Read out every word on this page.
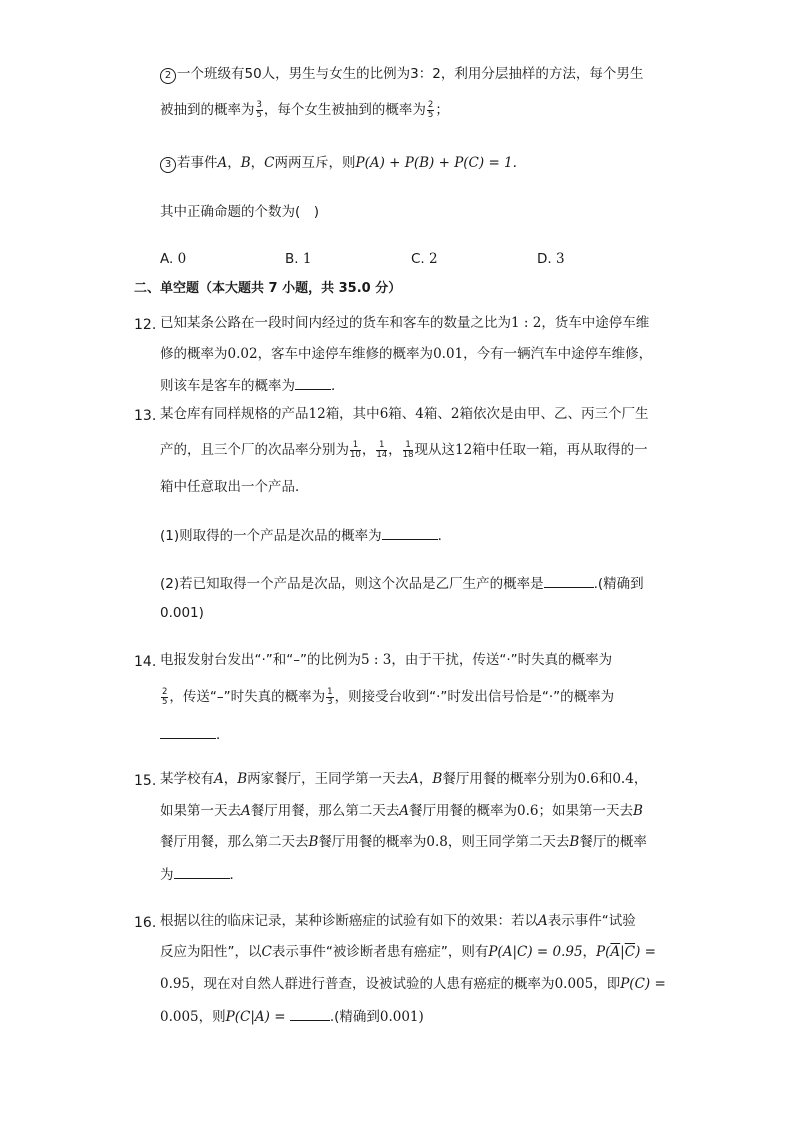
2 一个班级有50人，男生与女生的比例为3：2，利用分层抽样的方法，每个男生
被抽到的概率为 $\frac{3}{5}$ ，每个女生被抽到的概率为 $\frac{2}{5}$ ；
3 若事件A，B，C两两互斥，则P(A) + P(B) + P(C) = 1.
其中正确命题的个数为(　)
A. 0	B. 1	C. 2	D. 3
二、单空题（本大题共 7 小题，共 35.0 分）
12. 已知某条公路在一段时间内经过的货车和客车的数量之比为1 : 2，货车中途停车维
修的概率为0.02，客车中途停车维修的概率为0.01，今有一辆汽车中途停车维修，
则该车是客车的概率为	．
13. 某仓库有同样规格的产品12箱，其中6箱、4箱、2箱依次是由甲、乙、丙三个厂生
产的，且三个厂的次品率分别为 $\frac{1}{10}$ ， $\frac{1}{14}$ ， $\frac{1}{18}$ 现从这12箱中任取一箱，再从取得的一
箱中任意取出一个产品．
(1)则取得的一个产品是次品的概率为	．
(2)若已知取得一个产品是次品，则这个次品是乙厂生产的概率是	.(精确到
0.001)
14. 电报发射台发出“·”和“–”的比例为5 : 3，由于干扰，传送“·”时失真的概率为
$\frac{2}{5}$ ，传送“–”时失真的概率为 $\frac{1}{3}$ ，则接受台收到“·”时发出信号恰是“·”的概率为
．
15. 某学校有A，B两家餐厅，王同学第一天去A，B餐厅用餐的概率分别为0.6和0.4，
如果第一天去A餐厅用餐，那么第二天去A餐厅用餐的概率为0.6；如果第一天去B
餐厅用餐，那么第二天去B餐厅用餐的概率为0.8，则王同学第二天去B餐厅的概率
为	．
16. 根据以往的临床记录，某种诊断癌症的试验有如下的效果：若以A表示事件“试验
反应为阳性”，以C表示事件“被诊断者患有癌症”，则有P(A|C) = 0.95，$P(\overline{A}|\overline{C})$ =
0.95，现在对自然人群进行普查，设被试验的人患有癌症的概率为0.005，即P(C) =
0.005，则P(C|A) =	.(精确到0.001)
